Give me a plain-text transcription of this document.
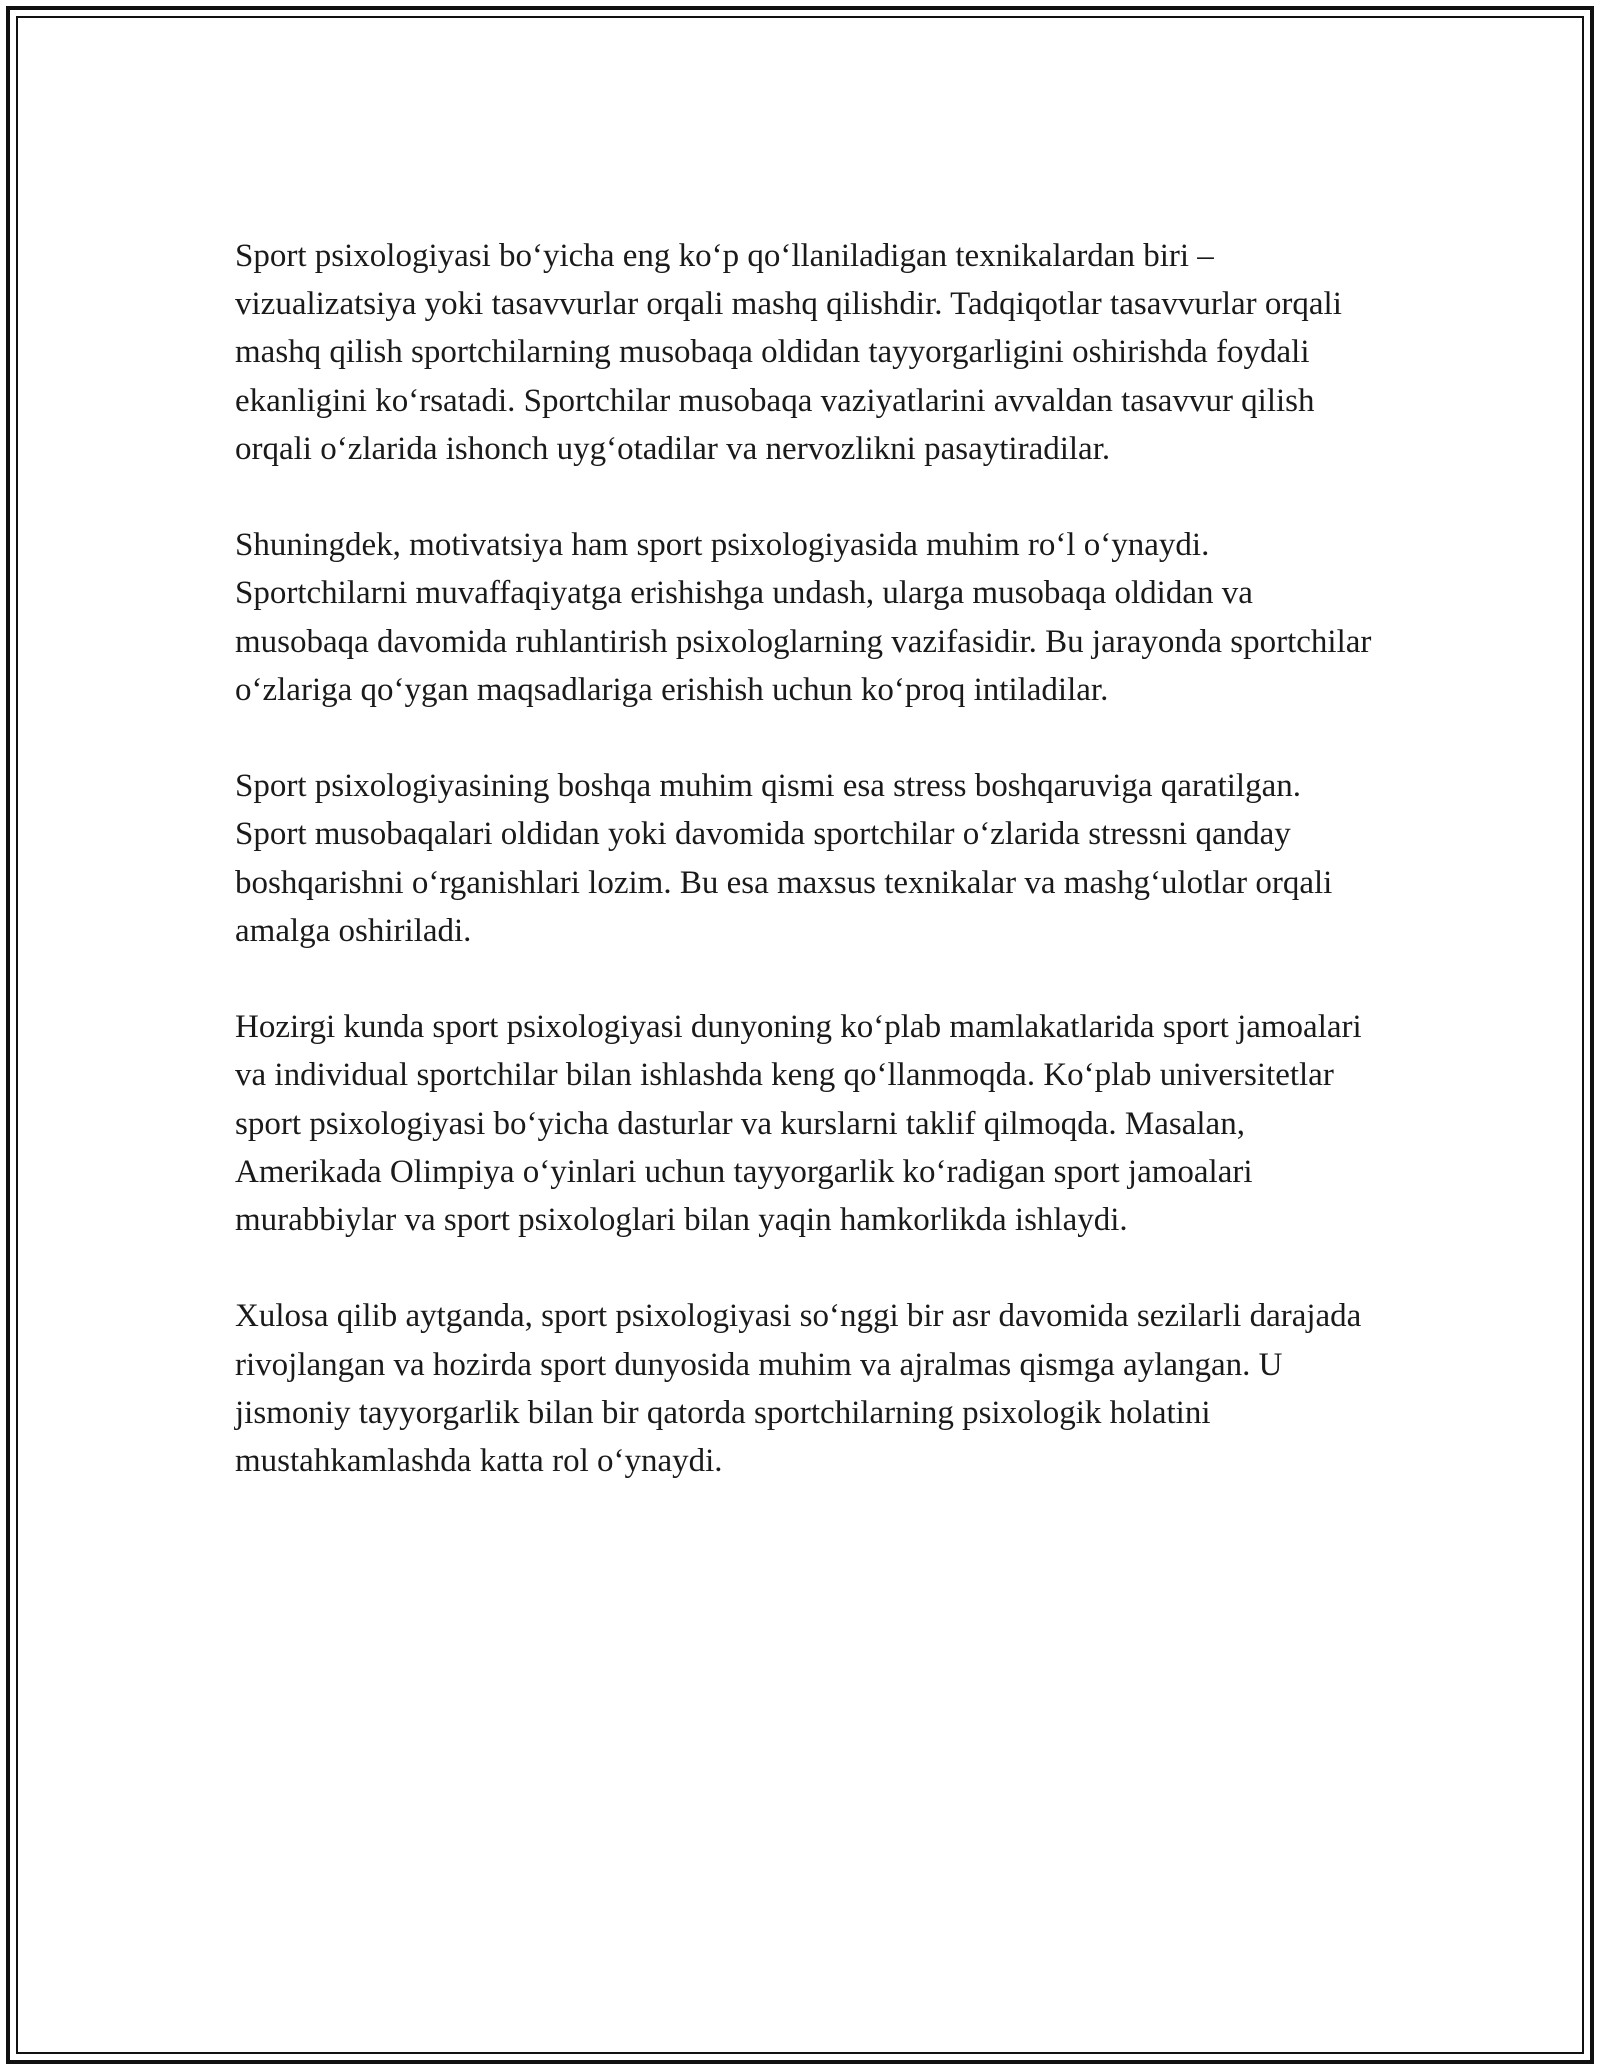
Sport psixologiyasi bo‘yicha eng ko‘p qo‘llaniladigan texnikalardan biri – vizualizatsiya yoki tasavvurlar orqali mashq qilishdir. Tadqiqotlar tasavvurlar orqali mashq qilish sportchilarning musobaqa oldidan tayyorgarligini oshirishda foydali ekanligini ko‘rsatadi. Sportchilar musobaqa vaziyatlarini avvaldan tasavvur qilish orqali o‘zlarida ishonch uyg‘otadilar va nervozlikni pasaytiradilar.

Shuningdek, motivatsiya ham sport psixologiyasida muhim ro‘l o‘ynaydi. Sportchilarni muvaffaqiyatga erishishga undash, ularga musobaqa oldidan va musobaqa davomida ruhlantirish psixologlarning vazifasidir. Bu jarayonda sportchilar o‘zlariga qo‘ygan maqsadlariga erishish uchun ko‘proq intiladilar.

Sport psixologiyasining boshqa muhim qismi esa stress boshqaruviga qaratilgan. Sport musobaqalari oldidan yoki davomida sportchilar o‘zlarida stressni qanday boshqarishni o‘rganishlari lozim. Bu esa maxsus texnikalar va mashg‘ulotlar orqali amalga oshiriladi.

Hozirgi kunda sport psixologiyasi dunyoning ko‘plab mamlakatlarida sport jamoalari va individual sportchilar bilan ishlashda keng qo‘llanmoqda. Ko‘plab universitetlar sport psixologiyasi bo‘yicha dasturlar va kurslarni taklif qilmoqda. Masalan, Amerikada Olimpiya o‘yinlari uchun tayyorgarlik ko‘radigan sport jamoalari murabbiylar va sport psixologlari bilan yaqin hamkorlikda ishlaydi.

Xulosa qilib aytganda, sport psixologiyasi so‘nggi bir asr davomida sezilarli darajada rivojlangan va hozirda sport dunyosida muhim va ajralmas qismga aylangan. U jismoniy tayyorgarlik bilan bir qatorda sportchilarning psixologik holatini mustahkamlashda katta rol o‘ynaydi.
